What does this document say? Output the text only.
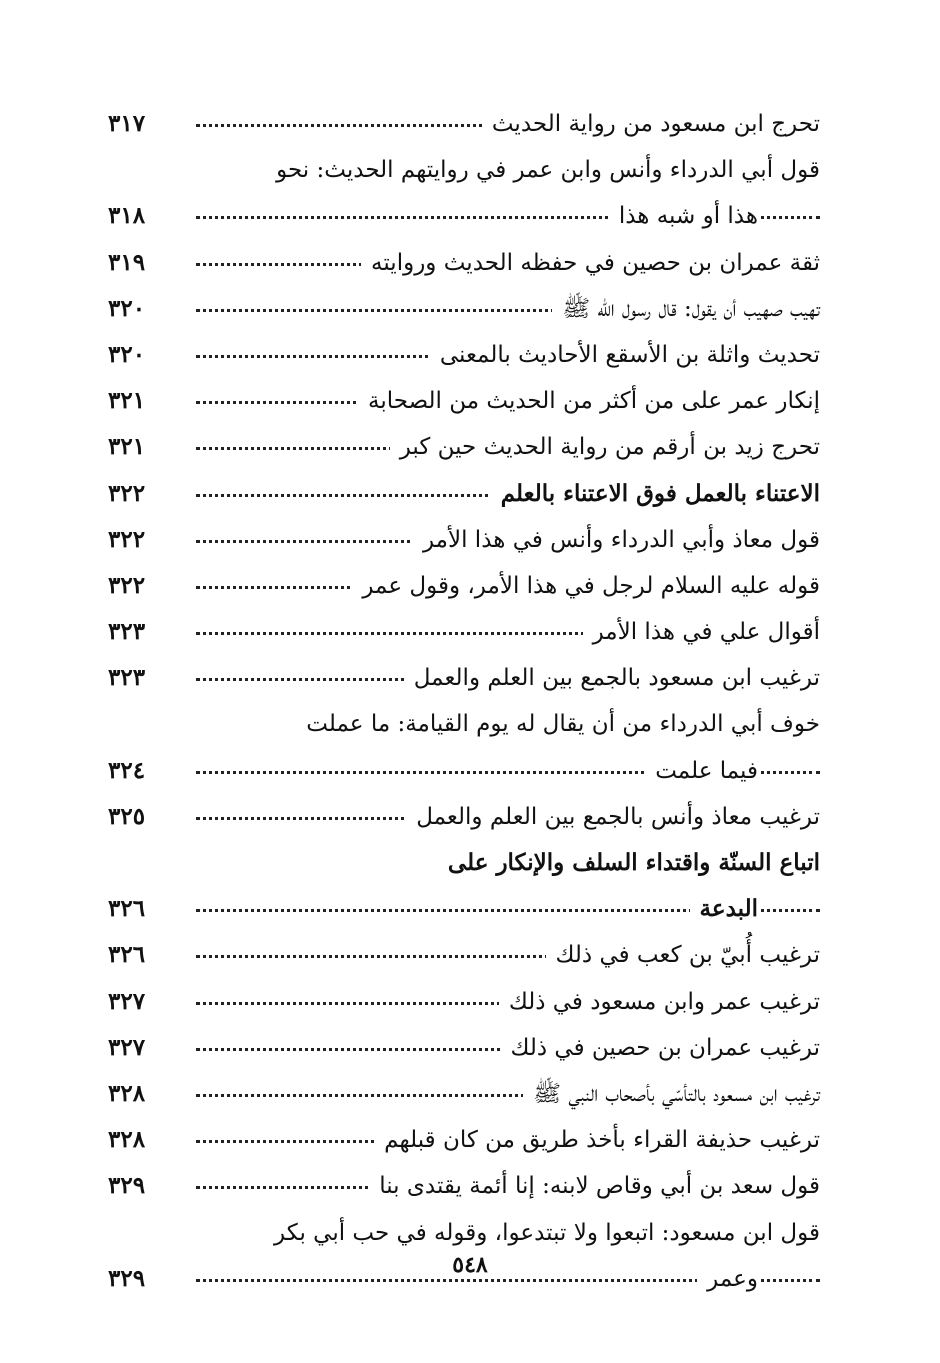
تحرج ابن مسعود من رواية الحديث
٣١٧
قول أبي الدرداء وأنس وابن عمر في روايتهم الحديث: نحو
هذا أو شبه هذا
٣١٨
ثقة عمران بن حصين في حفظه الحديث وروايته
٣١٩
تهيب صهيب أن يقول: قال رسول الله ﷺ
٣٢٠
تحديث واثلة بن الأسقع الأحاديث بالمعنى
٣٢٠
إنكار عمر على من أكثر من الحديث من الصحابة
٣٢١
تحرج زيد بن أرقم من رواية الحديث حين كبر
٣٢١
الاعتناء بالعمل فوق الاعتناء بالعلم
٣٢٢
قول معاذ وأبي الدرداء وأنس في هذا الأمر
٣٢٢
قوله عليه السلام لرجل في هذا الأمر، وقول عمر
٣٢٢
أقوال علي في هذا الأمر
٣٢٣
ترغيب ابن مسعود بالجمع بين العلم والعمل
٣٢٣
خوف أبي الدرداء من أن يقال له يوم القيامة: ما عملت
فيما علمت
٣٢٤
ترغيب معاذ وأنس بالجمع بين العلم والعمل
٣٢٥
اتباع السنّة واقتداء السلف والإنكار على
البدعة
٣٢٦
ترغيب أُبيّ بن كعب في ذلك
٣٢٦
ترغيب عمر وابن مسعود في ذلك
٣٢٧
ترغيب عمران بن حصين في ذلك
٣٢٧
ترغيب ابن مسعود بالتأسّي بأصحاب النبي ﷺ
٣٢٨
ترغيب حذيفة القراء بأخذ طريق من كان قبلهم
٣٢٨
قول سعد بن أبي وقاص لابنه: إنا أئمة يقتدى بنا
٣٢٩
قول ابن مسعود: اتبعوا ولا تبتدعوا، وقوله في حب أبي بكر
وعمر
٣٢٩	٥٤٨
